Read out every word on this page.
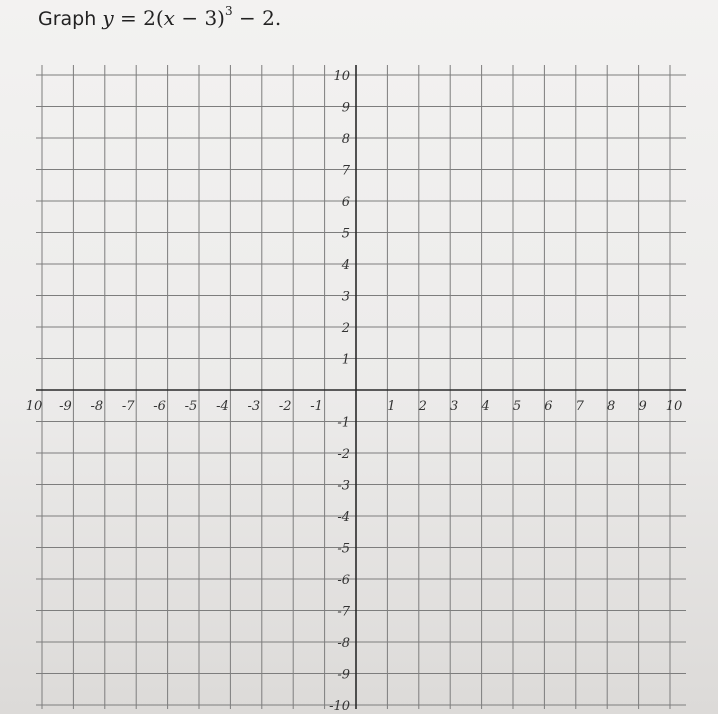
Graph $y = 2(x - 3)^3 - 2$.
10 -9 -8 -7 -6 -5 -4 -3 -2 -1	1 2 3 4 5 6 7 8 9 10
10
9
8
7
6
5
4
3
2
1
-1
-2
-3
-4
-5
-6
-7
-8
-9
-10
